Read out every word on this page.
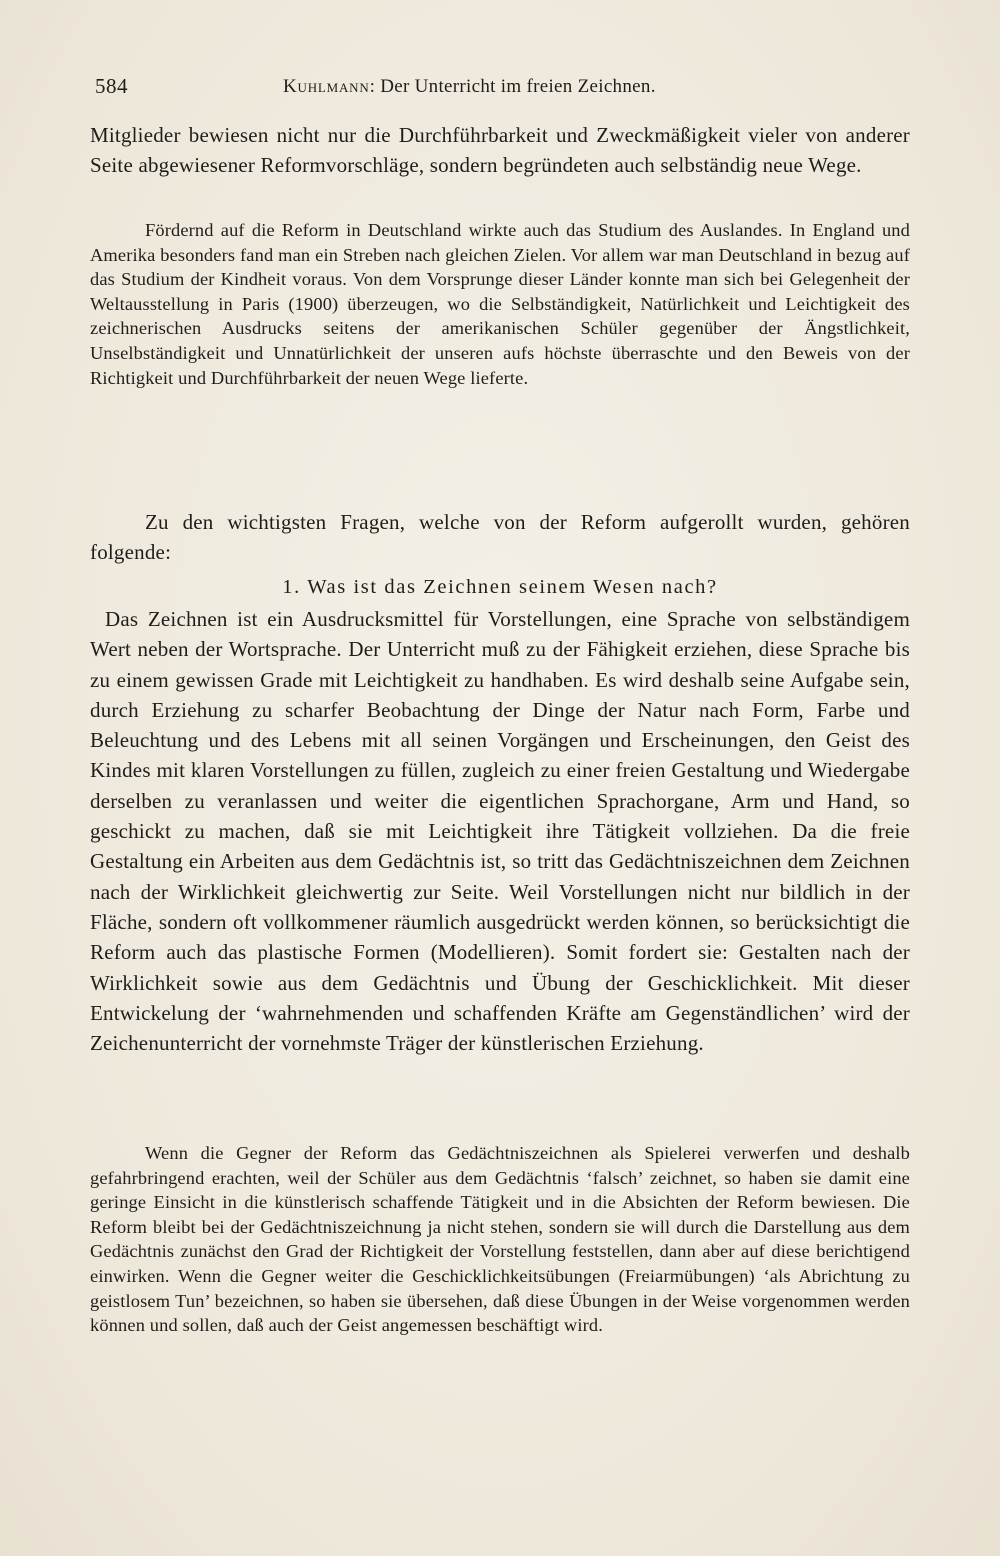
584	Kuhlmann: Der Unterricht im freien Zeichnen.

Mitglieder bewiesen nicht nur die Durchführbarkeit und Zweckmäßigkeit vieler von anderer Seite abgewiesener Reformvorschläge, sondern begründeten auch selbständig neue Wege.

Fördernd auf die Reform in Deutschland wirkte auch das Studium des Auslandes. In England und Amerika besonders fand man ein Streben nach gleichen Zielen. Vor allem war man Deutschland in bezug auf das Studium der Kindheit voraus. Von dem Vorsprunge dieser Länder konnte man sich bei Gelegenheit der Weltausstellung in Paris (1900) überzeugen, wo die Selbständigkeit, Natürlichkeit und Leichtigkeit des zeichnerischen Ausdrucks seitens der amerikanischen Schüler gegenüber der Ängstlichkeit, Unselbständigkeit und Unnatürlichkeit der unseren aufs höchste überraschte und den Beweis von der Richtigkeit und Durchführbarkeit der neuen Wege lieferte.

Zu den wichtigsten Fragen, welche von der Reform aufgerollt wurden, gehören folgende:

1. Was ist das Zeichnen seinem Wesen nach?

Das Zeichnen ist ein Ausdrucksmittel für Vorstellungen, eine Sprache von selbständigem Wert neben der Wortsprache. Der Unterricht muß zu der Fähigkeit erziehen, diese Sprache bis zu einem gewissen Grade mit Leichtigkeit zu handhaben. Es wird deshalb seine Aufgabe sein, durch Erziehung zu scharfer Beobachtung der Dinge der Natur nach Form, Farbe und Beleuchtung und des Lebens mit all seinen Vorgängen und Erscheinungen, den Geist des Kindes mit klaren Vorstellungen zu füllen, zugleich zu einer freien Gestaltung und Wiedergabe derselben zu veranlassen und weiter die eigentlichen Sprachorgane, Arm und Hand, so geschickt zu machen, daß sie mit Leichtigkeit ihre Tätigkeit vollziehen. Da die freie Gestaltung ein Arbeiten aus dem Gedächtnis ist, so tritt das Gedächtniszeichnen dem Zeichnen nach der Wirklichkeit gleichwertig zur Seite. Weil Vorstellungen nicht nur bildlich in der Fläche, sondern oft vollkommener räumlich ausgedrückt werden können, so berücksichtigt die Reform auch das plastische Formen (Modellieren). Somit fordert sie: Gestalten nach der Wirklichkeit sowie aus dem Gedächtnis und Übung der Geschicklichkeit. Mit dieser Entwickelung der ‘wahrnehmenden und schaffenden Kräfte am Gegenständlichen’ wird der Zeichenunterricht der vornehmste Träger der künstlerischen Erziehung.

Wenn die Gegner der Reform das Gedächtniszeichnen als Spielerei verwerfen und deshalb gefahrbringend erachten, weil der Schüler aus dem Gedächtnis ‘falsch’ zeichnet, so haben sie damit eine geringe Einsicht in die künstlerisch schaffende Tätigkeit und in die Absichten der Reform bewiesen. Die Reform bleibt bei der Gedächtniszeichnung ja nicht stehen, sondern sie will durch die Darstellung aus dem Gedächtnis zunächst den Grad der Richtigkeit der Vorstellung feststellen, dann aber auf diese berichtigend einwirken. Wenn die Gegner weiter die Geschicklichkeitsübungen (Freiarmübungen) ‘als Abrichtung zu geistlosem Tun’ bezeichnen, so haben sie übersehen, daß diese Übungen in der Weise vorgenommen werden können und sollen, daß auch der Geist angemessen beschäftigt wird.
